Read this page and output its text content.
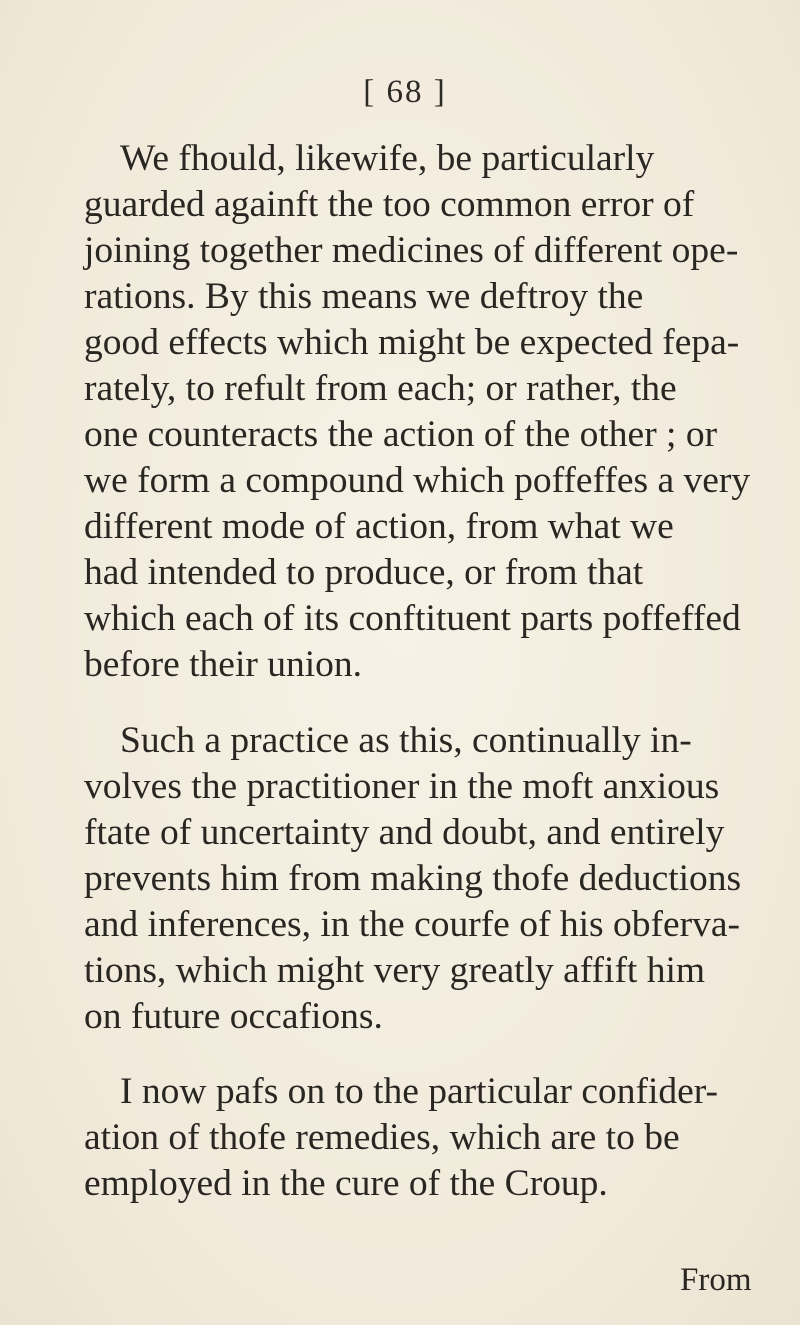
[ 68 ]
We fhould, likewife, be particularly
guarded againft the too common error of
joining together medicines of different ope-
rations. By this means we deftroy the
good effects which might be expected fepa-
rately, to refult from each; or rather, the
one counteracts the action of the other ; or
we form a compound which poffeffes a very
different mode of action, from what we
had intended to produce, or from that
which each of its conftituent parts poffeffed
before their union.
Such a practice as this, continually in-
volves the practitioner in the moft anxious
ftate of uncertainty and doubt, and entirely
prevents him from making thofe deductions
and inferences, in the courfe of his obferva-
tions, which might very greatly affift him
on future occafions.
I now pafs on to the particular confider-
ation of thofe remedies, which are to be
employed in the cure of the Croup.
From
